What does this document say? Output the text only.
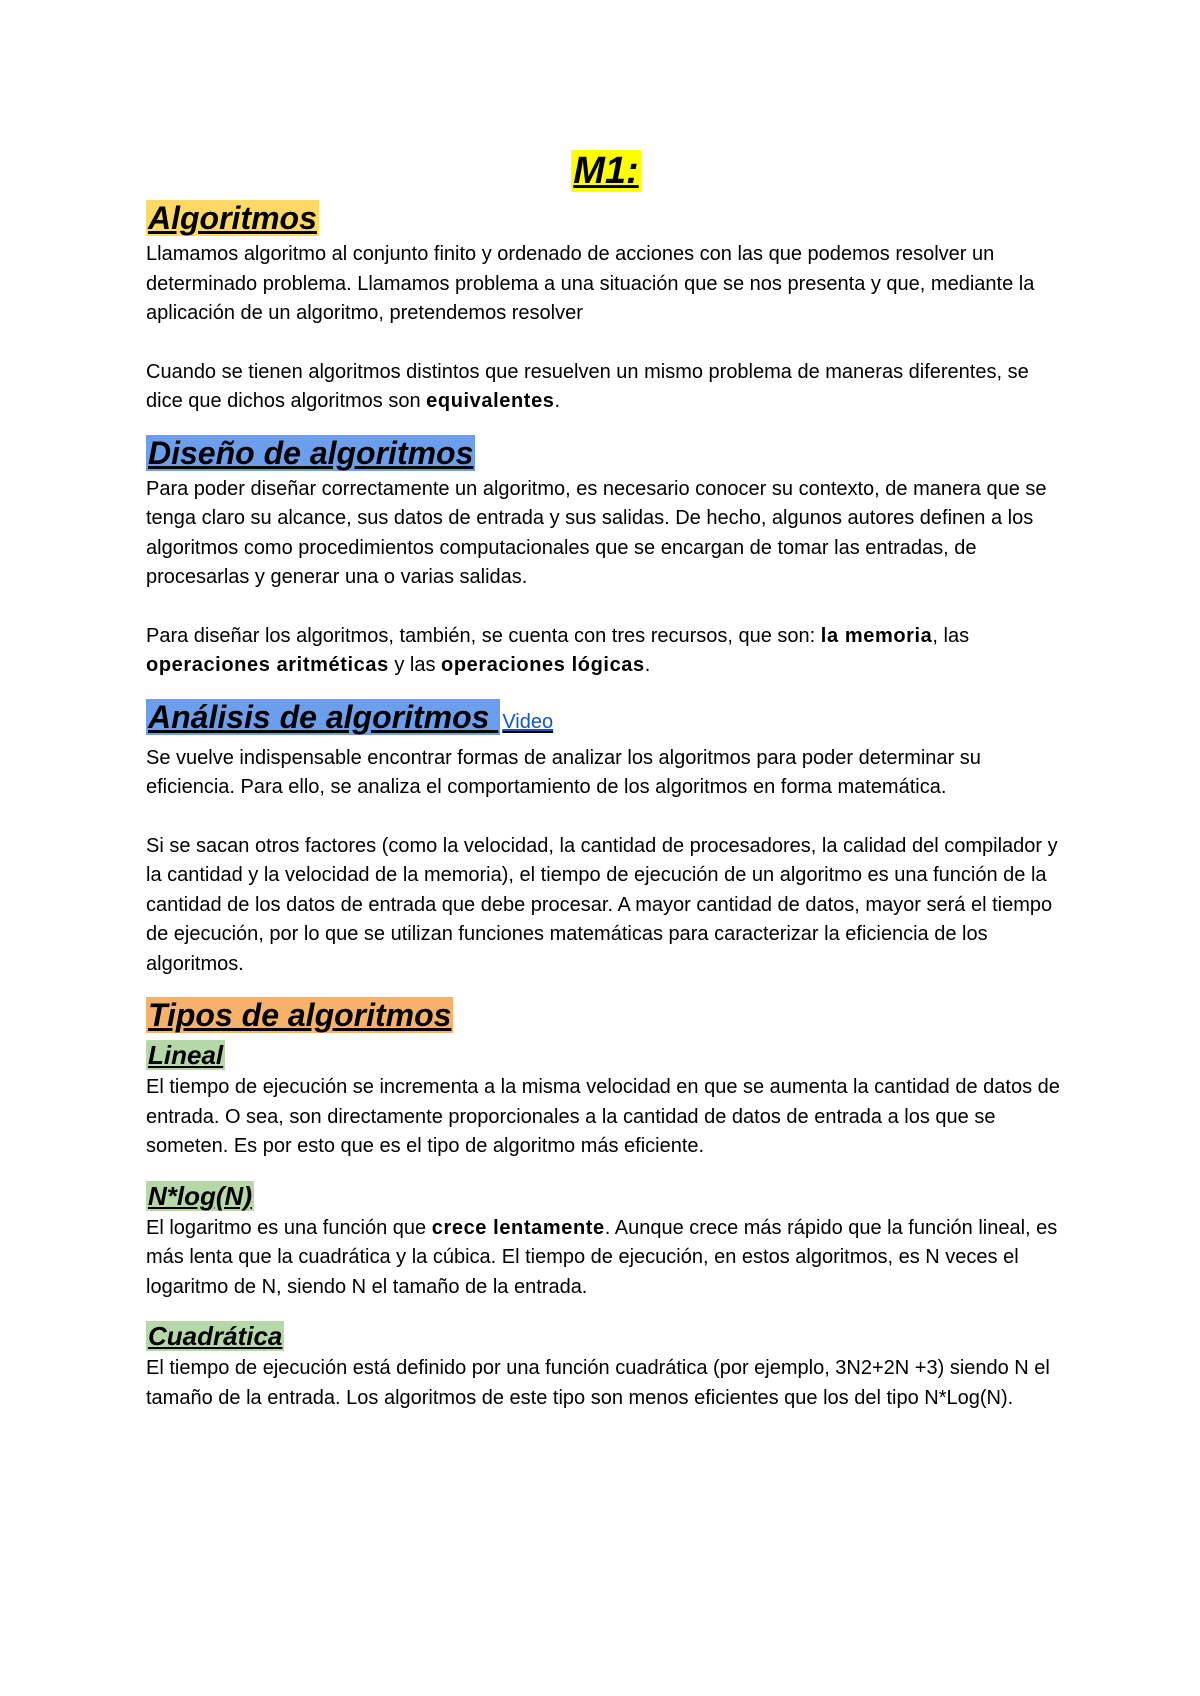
M1:
Algoritmos

Llamamos algoritmo al conjunto finito y ordenado de acciones con las que podemos resolver un determinado problema. Llamamos problema a una situación que se nos presenta y que, mediante la aplicación de un algoritmo, pretendemos resolver

Cuando se tienen algoritmos distintos que resuelven un mismo problema de maneras diferentes, se dice que dichos algoritmos son equivalentes.

Diseño de algoritmos

Para poder diseñar correctamente un algoritmo, es necesario conocer su contexto, de manera que se tenga claro su alcance, sus datos de entrada y sus salidas. De hecho, algunos autores definen a los algoritmos como procedimientos computacionales que se encargan de tomar las entradas, de procesarlas y generar una o varias salidas.

Para diseñar los algoritmos, también, se cuenta con tres recursos, que son: la memoria, las operaciones aritméticas y las operaciones lógicas.

Análisis de algoritmos Video

Se vuelve indispensable encontrar formas de analizar los algoritmos para poder determinar su eficiencia. Para ello, se analiza el comportamiento de los algoritmos en forma matemática.

Si se sacan otros factores (como la velocidad, la cantidad de procesadores, la calidad del compilador y la cantidad y la velocidad de la memoria), el tiempo de ejecución de un algoritmo es una función de la cantidad de los datos de entrada que debe procesar. A mayor cantidad de datos, mayor será el tiempo de ejecución, por lo que se utilizan funciones matemáticas para caracterizar la eficiencia de los algoritmos.

Tipos de algoritmos
Lineal

El tiempo de ejecución se incrementa a la misma velocidad en que se aumenta la cantidad de datos de entrada. O sea, son directamente proporcionales a la cantidad de datos de entrada a los que se someten. Es por esto que es el tipo de algoritmo más eficiente.

N*log(N)

El logaritmo es una función que crece lentamente. Aunque crece más rápido que la función lineal, es más lenta que la cuadrática y la cúbica. El tiempo de ejecución, en estos algoritmos, es N veces el logaritmo de N, siendo N el tamaño de la entrada.

Cuadrática

El tiempo de ejecución está definido por una función cuadrática (por ejemplo, 3N2+2N +3) siendo N el tamaño de la entrada. Los algoritmos de este tipo son menos eficientes que los del tipo N*Log(N).
